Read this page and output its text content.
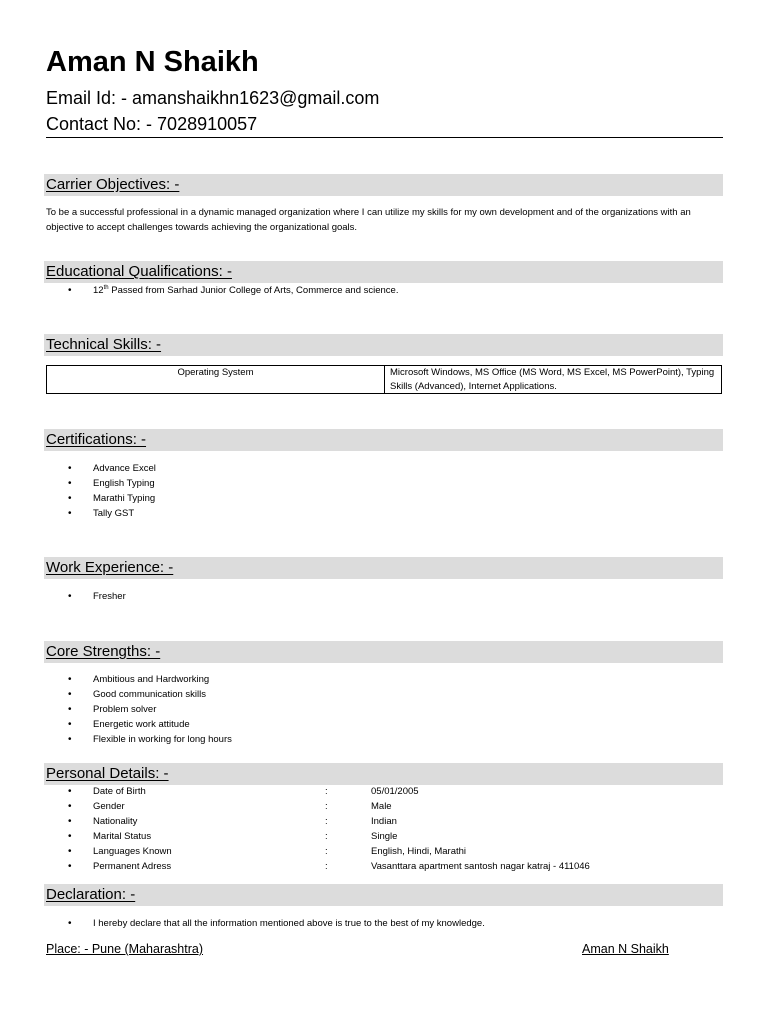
Aman N Shaikh
Email Id: - amanshaikhn1623@gmail.com
Contact No: - 7028910057
Carrier Objectives: -
To be a successful professional in a dynamic managed organization where I can utilize my skills for my own development and of the organizations with an objective to accept challenges towards achieving the organizational goals.
Educational Qualifications: -
• 12th Passed from Sarhad Junior College of Arts, Commerce and science.
Technical Skills: -
Operating System	Microsoft Windows, MS Office (MS Word, MS Excel, MS PowerPoint), Typing Skills (Advanced), Internet Applications.
Certifications: -
• Advance Excel
• English Typing
• Marathi Typing
• Tally GST
Work Experience: -
• Fresher
Core Strengths: -
• Ambitious and Hardworking
• Good communication skills
• Problem solver
• Energetic work attitude
• Flexible in working for long hours
Personal Details: -
• Date of Birth	:	05/01/2005
• Gender	:	Male
• Nationality	:	Indian
• Marital Status	:	Single
• Languages Known	:	English, Hindi, Marathi
• Permanent Adress	:	Vasanttara apartment santosh nagar katraj - 411046
Declaration: -
• I hereby declare that all the information mentioned above is true to the best of my knowledge.
Place: - Pune (Maharashtra)	Aman N Shaikh
